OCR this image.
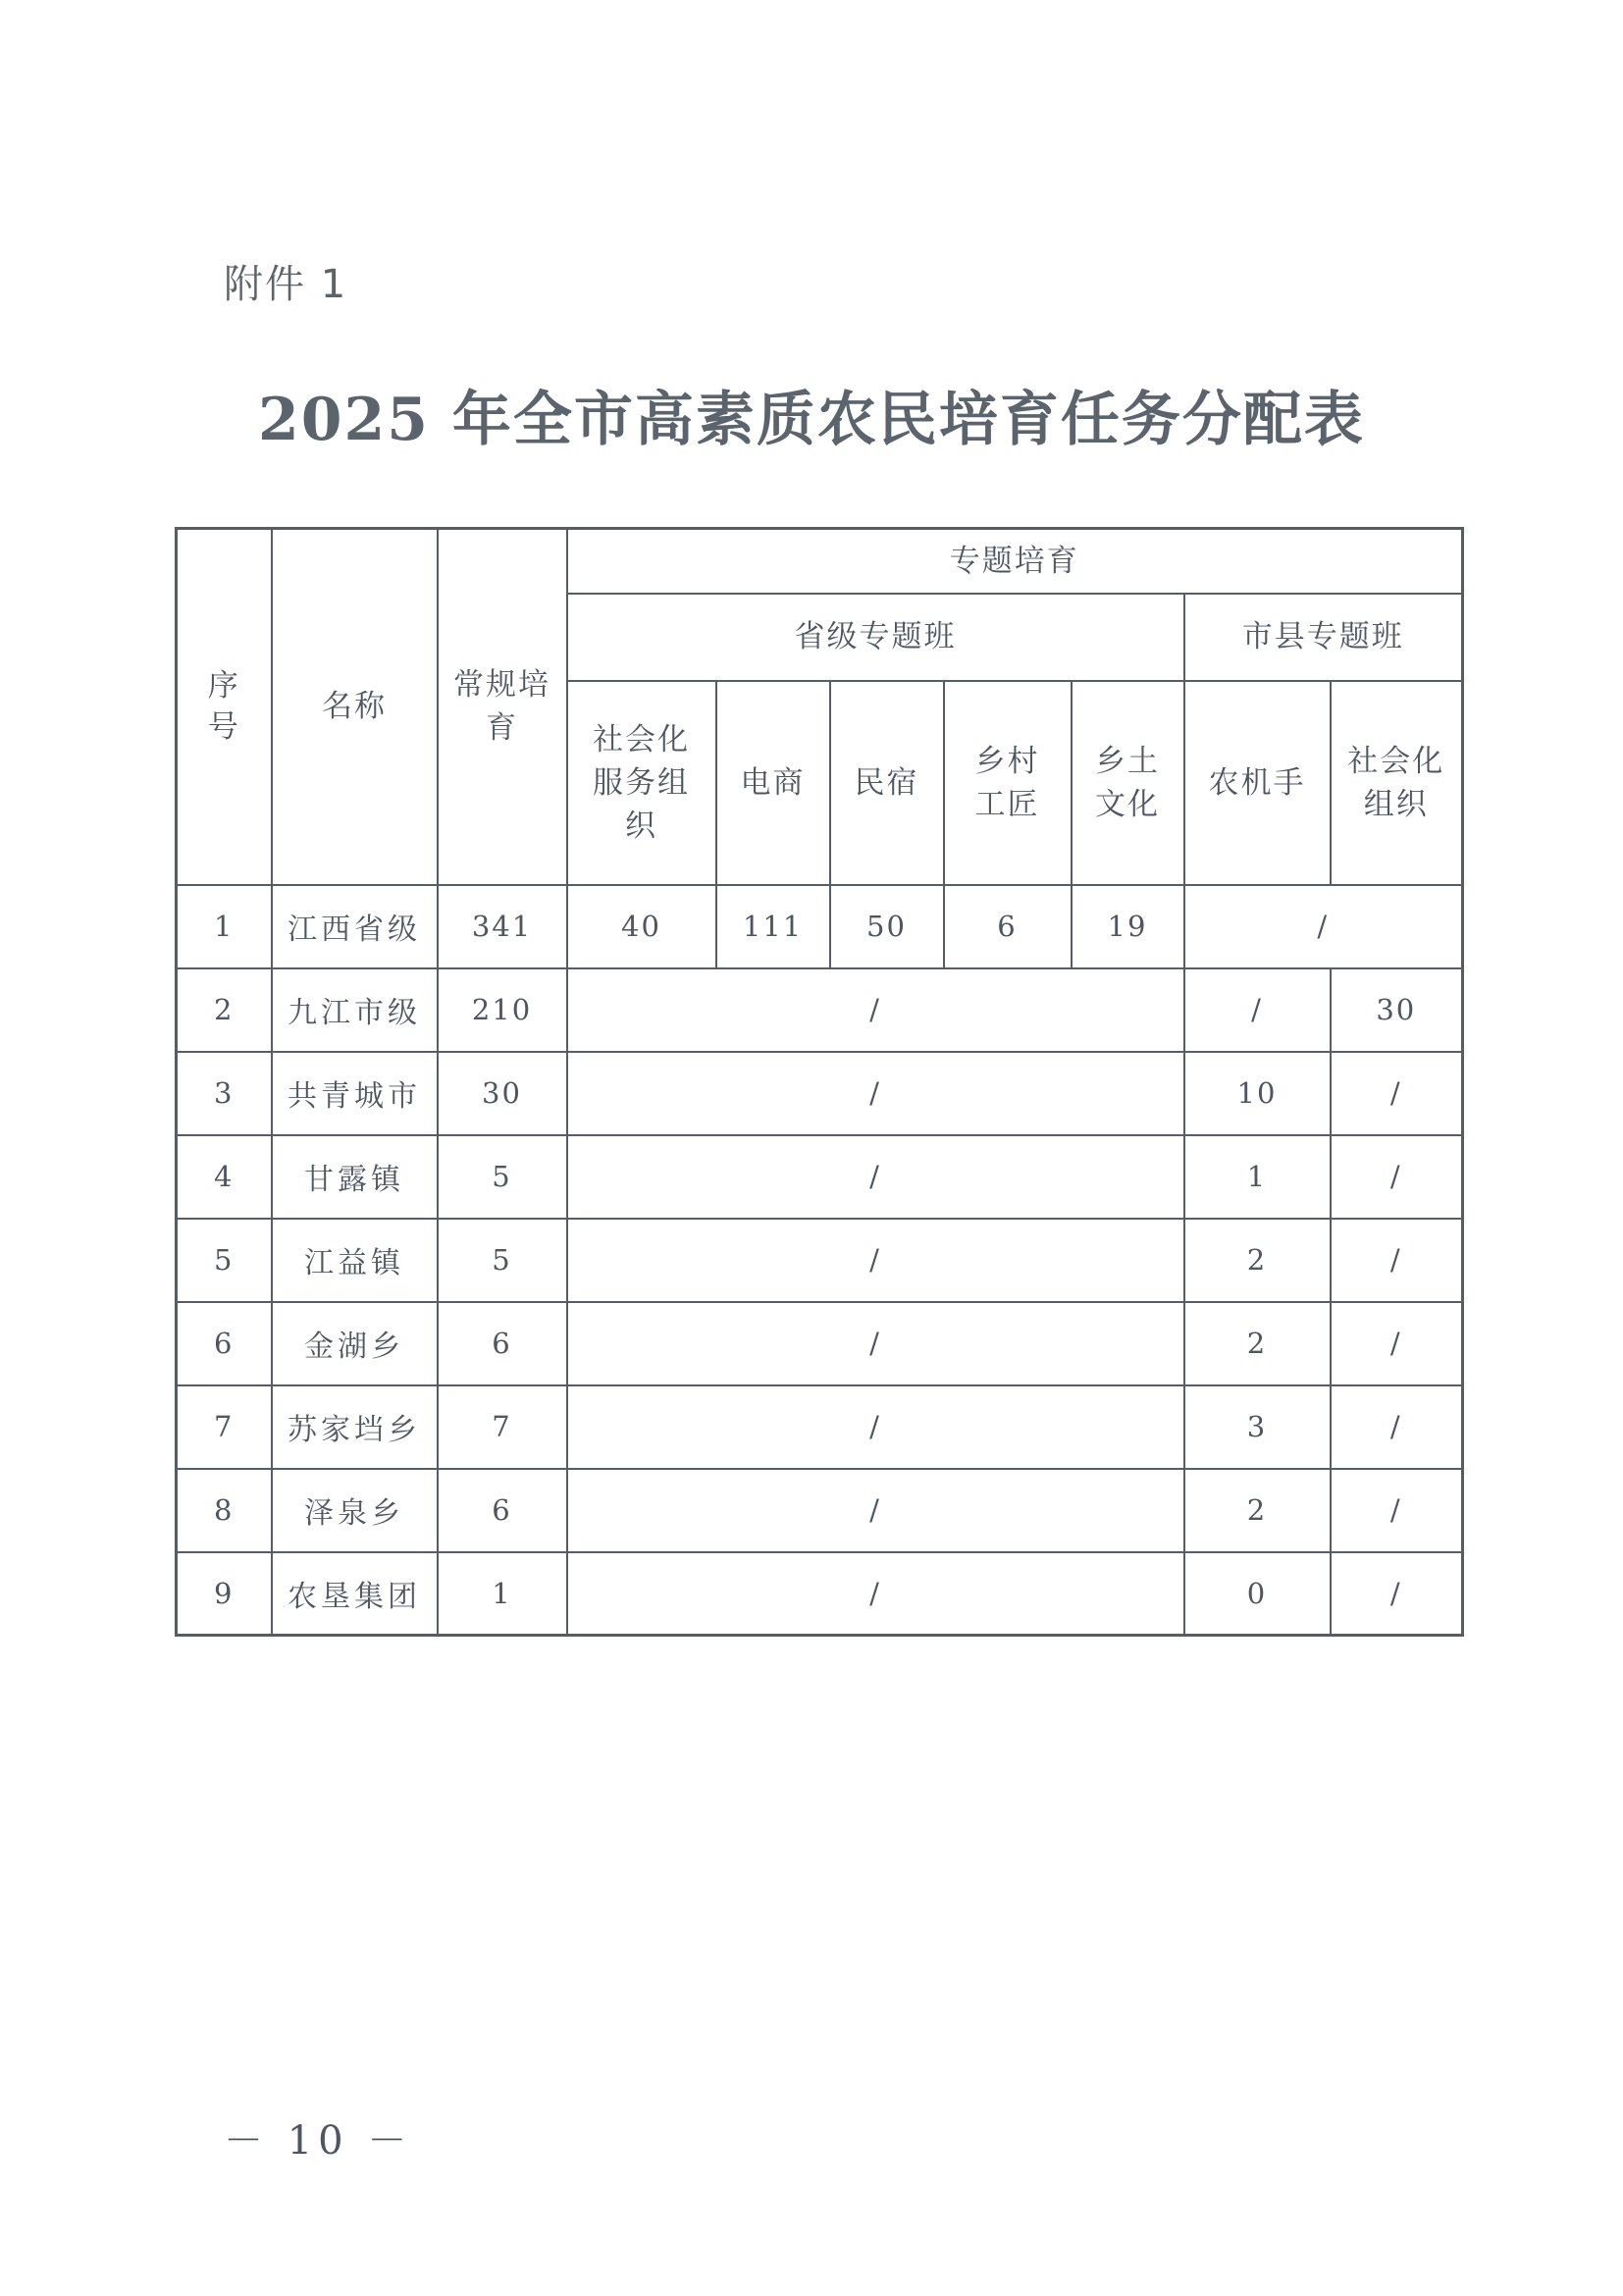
附件 1
2025 年全市高素质农民培育任务分配表
序号	名称	常规培育	专题培育						
			省级专题班					市县专题班	

			社会化服务组织	电商	民宿	乡村工匠	乡土文化	农机手	社会化组织

1	江西省级	341	40	111	50	6	19	/	
2	九江市级	210	/					/	30
3	共青城市	30	/					10	/
4	甘露镇	5	/					1	/
5	江益镇	5	/					2	/
6	金湖乡	6	/					2	/
7	苏家垱乡	7	/					3	/
8	泽泉乡	6	/					2	/
9	农垦集团	1	/					0	/
－ 10 －
